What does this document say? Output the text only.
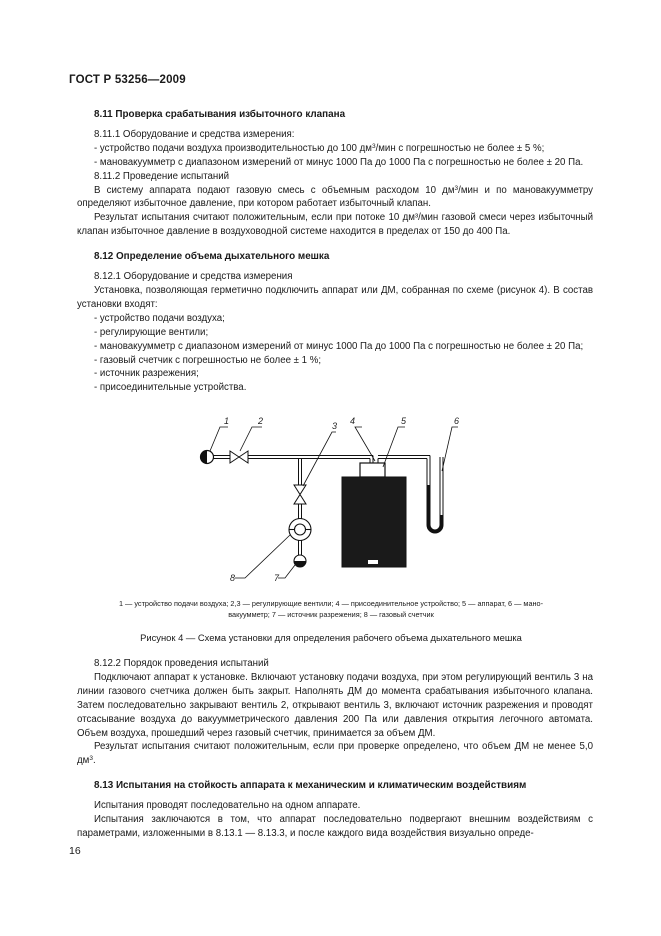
ГОСТ Р 53256—2009

8.11 Проверка срабатывания избыточного клапана

8.11.1 Оборудование и средства измерения:

- устройство подачи воздуха производительностью до 100 $дм^3$/мин с погрешностью не более ± 5 %;

- мановакуумметр с диапазоном измерений от минус 1000 Па до 1000 Па с погрешностью не более ± 20 Па.

8.11.2 Проведение испытаний

В систему аппарата подают газовую смесь с объемным расходом 10 $дм^3$/мин и по мановакуумметру определяют избыточное давление, при котором работает избыточный клапан.

Результат испытания считают положительным, если при потоке 10 дм³/мин газовой смеси через избыточный клапан избыточное давление в воздуховодной системе находится в пределах от 150 до 400 Па.

8.12 Определение объема дыхательного мешка

8.12.1 Оборудование и средства измерения

Установка, позволяющая герметично подключить аппарат или ДМ, собранная по схеме (рисунок 4). В состав установки входят:

- устройство подачи воздуха;

- регулирующие вентили;

- мановакуумметр с диапазоном измерений от минус 1000 Па до 1000 Па с погрешностью не более ± 20 Па;

- газовый счетчик с погрешностью не более ± 1 %;

- источник разрежения;

- присоединительные устройства.

1	2	3 4	5	6
7
8
1 — устройство подачи воздуха; 2,3 — регулирующие вентили; 4 — присоединительное устройство; 5 — аппарат, 6 — мано-
вакуумметр; 7 — источник разрежения; 8 — газовый счетчик
Рисунок 4 — Схема установки для определения рабочего объема дыхательного мешка

8.12.2 Порядок проведения испытаний

Подключают аппарат к установке. Включают установку подачи воздуха, при этом регулирующий вентиль 3 на линии газового счетчика должен быть закрыт. Наполнять ДМ до момента срабатывания избыточного клапана. Затем последовательно закрывают вентиль 2, открывают вентиль 3, включают источник разрежения и проводят отсасывание воздуха до вакуумметрического давления 200 Па или давления открытия легочного автомата. Объем воздуха, прошедший через газовый счетчик, принимается за объем ДМ.

Результат испытания считают положительным, если при проверке определено, что объем ДМ не менее 5,0 $дм^3$.

8.13 Испытания на стойкость аппарата к механическим и климатическим воздействиям

Испытания проводят последовательно на одном аппарате.

Испытания заключаются в том, что аппарат последовательно подвергают внешним воздействиям с параметрами, изложенными в 8.13.1 — 8.13.3, и после каждого вида воздействия визуально опреде-

16
